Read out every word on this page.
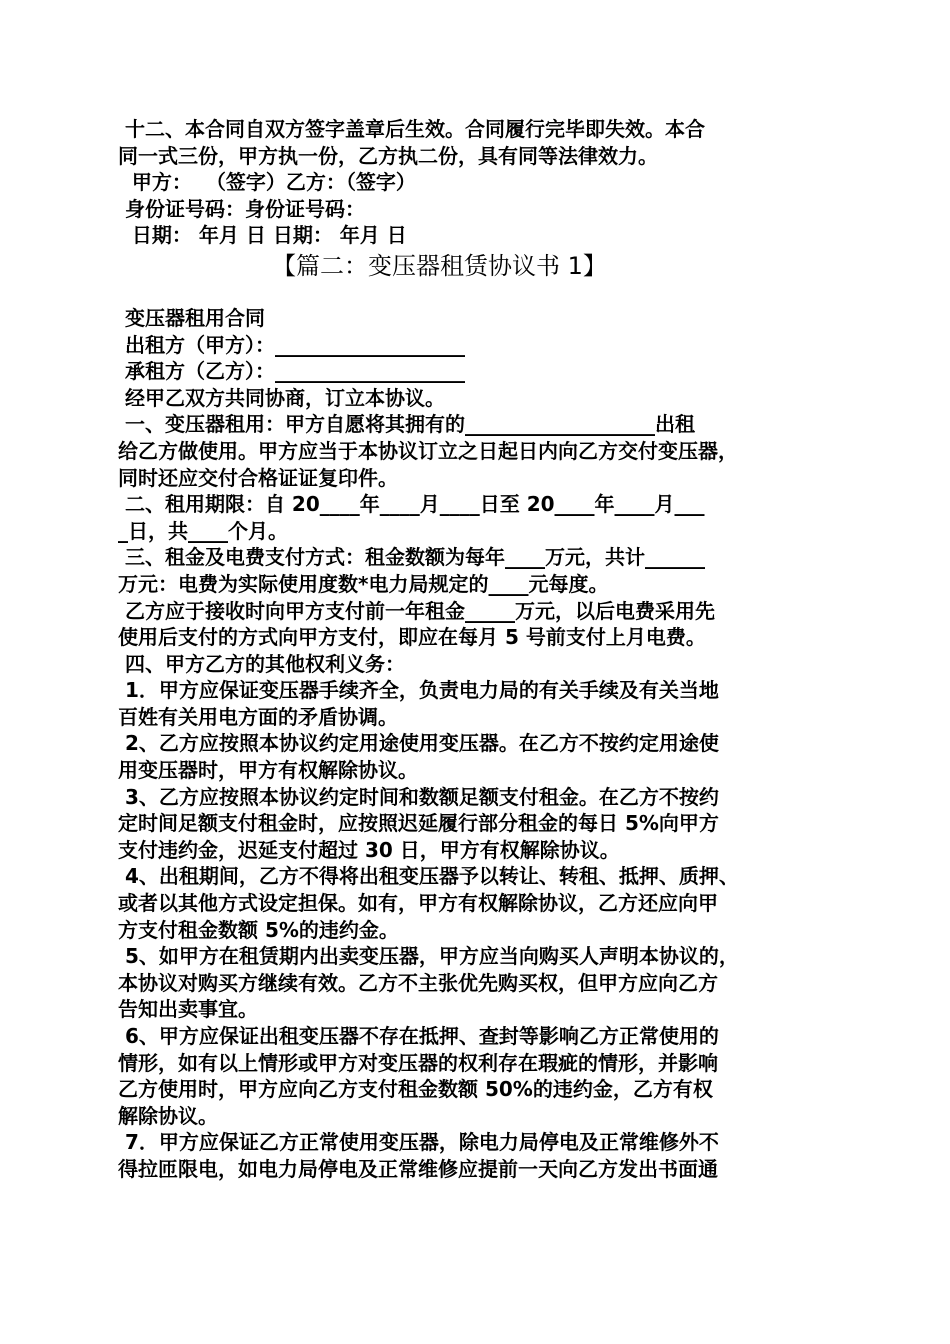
十二、本合同自双方签字盖章后生效。合同履行完毕即失效。本合
同一式三份，甲方执一份，乙方执二份，具有同等法律效力。
甲方：  （签字）乙方：（签字）
身份证号码：身份证号码：
日期： 年月 日 日期： 年月 日
【篇二：变压器租赁协议书 1】
变压器租用合同
出租方（甲方）：___________________
承租方（乙方）：___________________
经甲乙双方共同协商，订立本协议。
一、变压器租用：甲方自愿将其拥有的___________________出租
给乙方做使用。甲方应当于本协议订立之日起日内向乙方交付变压器，
同时还应交付合格证证复印件。
二、租用期限：自 20____年____月____日至 20____年____月___
_日，共____个月。
三、租金及电费支付方式：租金数额为每年____万元，共计______
万元：电费为实际使用度数*电力局规定的____元每度。
乙方应于接收时向甲方支付前一年租金_____万元，以后电费采用先
使用后支付的方式向甲方支付，即应在每月 5 号前支付上月电费。
四、甲方乙方的其他权利义务：
1．甲方应保证变压器手续齐全，负责电力局的有关手续及有关当地
百姓有关用电方面的矛盾协调。
2、乙方应按照本协议约定用途使用变压器。在乙方不按约定用途使
用变压器时，甲方有权解除协议。
3、乙方应按照本协议约定时间和数额足额支付租金。在乙方不按约
定时间足额支付租金时，应按照迟延履行部分租金的每日 5%向甲方
支付违约金，迟延支付超过 30 日，甲方有权解除协议。
4、出租期间，乙方不得将出租变压器予以转让、转租、抵押、质押、
或者以其他方式设定担保。如有，甲方有权解除协议，乙方还应向甲
方支付租金数额 5%的违约金。
5、如甲方在租赁期内出卖变压器，甲方应当向购买人声明本协议的，
本协议对购买方继续有效。乙方不主张优先购买权，但甲方应向乙方
告知出卖事宜。
6、甲方应保证出租变压器不存在抵押、查封等影响乙方正常使用的
情形，如有以上情形或甲方对变压器的权利存在瑕疵的情形，并影响
乙方使用时，甲方应向乙方支付租金数额 50%的违约金，乙方有权
解除协议。
7．甲方应保证乙方正常使用变压器，除电力局停电及正常维修外不
得拉匝限电，如电力局停电及正常维修应提前一天向乙方发出书面通
